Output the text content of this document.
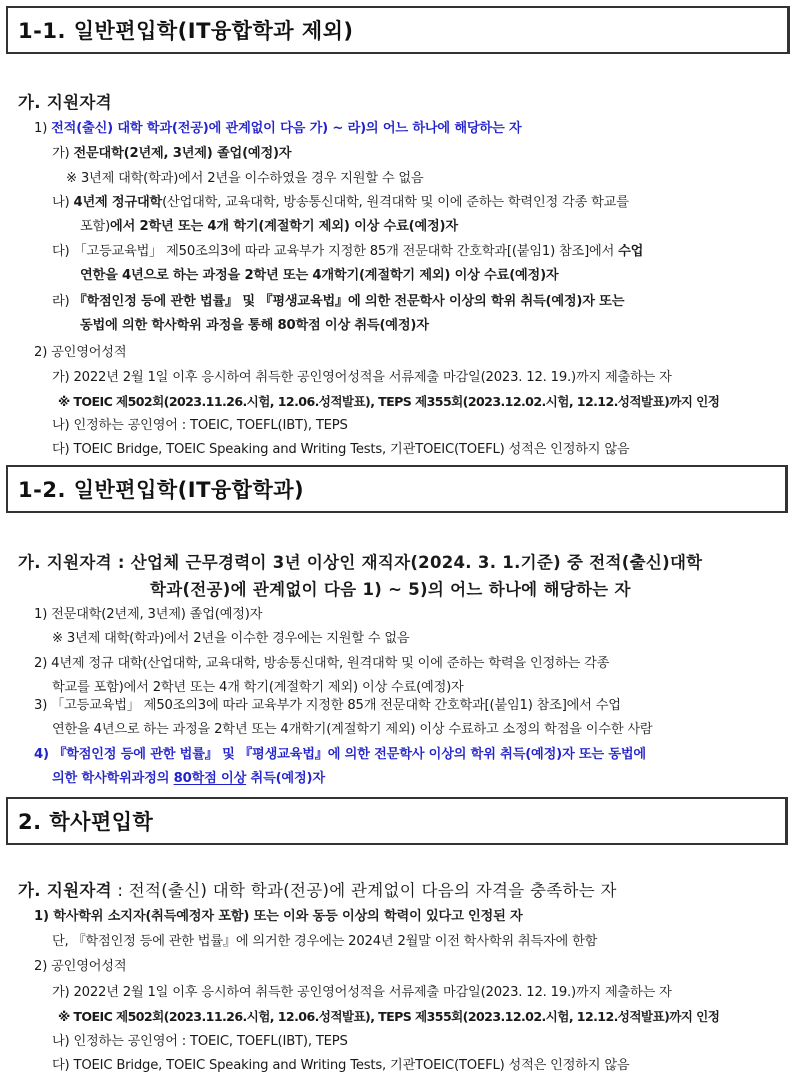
1-1. 일반편입학(IT융합학과 제외)
가. 지원자격
1) 전적(출신) 대학 학과(전공)에 관계없이 다음 가) ~ 라)의 어느 하나에 해당하는 자
가) 전문대학(2년제, 3년제) 졸업(예정)자
※ 3년제 대학(학과)에서 2년을 이수하였을 경우 지원할 수 없음
나) 4년제 정규대학(산업대학, 교육대학, 방송통신대학, 원격대학 및 이에 준하는 학력인정 각종 학교를
포함)에서 2학년 또는 4개 학기(계절학기 제외) 이상 수료(예정)자
다) 「고등교육법」 제50조의3에 따라 교육부가 지정한 85개 전문대학 간호학과[(붙임1) 참조]에서 수업
연한을 4년으로 하는 과정을 2학년 또는 4개학기(계절학기 제외) 이상 수료(예정)자
라) 『학점인정 등에 관한 법률』 및 『평생교육법』에 의한 전문학사 이상의 학위 취득(예정)자 또는
동법에 의한 학사학위 과정을 통해 80학점 이상 취득(예정)자
2) 공인영어성적
가) 2022년 2월 1일 이후 응시하여 취득한 공인영어성적을 서류제출 마감일(2023. 12. 19.)까지 제출하는 자
※ TOEIC 제502회(2023.11.26.시험, 12.06.성적발표), TEPS 제355회(2023.12.02.시험, 12.12.성적발표)까지 인정
나) 인정하는 공인영어 : TOEIC, TOEFL(IBT), TEPS
다) TOEIC Bridge, TOEIC Speaking and Writing Tests, 기관TOEIC(TOEFL) 성적은 인정하지 않음
1-2. 일반편입학(IT융합학과)
가. 지원자격 : 산업체 근무경력이 3년 이상인 재직자(2024. 3. 1.기준) 중 전적(출신)대학
학과(전공)에 관계없이 다음 1) ~ 5)의 어느 하나에 해당하는 자
1) 전문대학(2년제, 3년제) 졸업(예정)자
※ 3년제 대학(학과)에서 2년을 이수한 경우에는 지원할 수 없음
2) 4년제 정규 대학(산업대학, 교육대학, 방송통신대학, 원격대학 및 이에 준하는 학력을 인정하는 각종
학교를 포함)에서 2학년 또는 4개 학기(계절학기 제외) 이상 수료(예정)자
3) 「고등교육법」 제50조의3에 따라 교육부가 지정한 85개 전문대학 간호학과[(붙임1) 참조]에서 수업
연한을 4년으로 하는 과정을 2학년 또는 4개학기(계절학기 제외) 이상 수료하고 소정의 학점을 이수한 사람
4) 『학점인정 등에 관한 법률』 및 『평생교육법』에 의한 전문학사 이상의 학위 취득(예정)자 또는 동법에
의한 학사학위과정의 80학점 이상 취득(예정)자
2. 학사편입학
가. 지원자격 : 전적(출신) 대학 학과(전공)에 관계없이 다음의 자격을 충족하는 자
1) 학사학위 소지자(취득예정자 포함) 또는 이와 동등 이상의 학력이 있다고 인정된 자
단, 『학점인정 등에 관한 법률』에 의거한 경우에는 2024년 2월말 이전 학사학위 취득자에 한함
2) 공인영어성적
가) 2022년 2월 1일 이후 응시하여 취득한 공인영어성적을 서류제출 마감일(2023. 12. 19.)까지 제출하는 자
※ TOEIC 제502회(2023.11.26.시험, 12.06.성적발표), TEPS 제355회(2023.12.02.시험, 12.12.성적발표)까지 인정
나) 인정하는 공인영어 : TOEIC, TOEFL(IBT), TEPS
다) TOEIC Bridge, TOEIC Speaking and Writing Tests, 기관TOEIC(TOEFL) 성적은 인정하지 않음
